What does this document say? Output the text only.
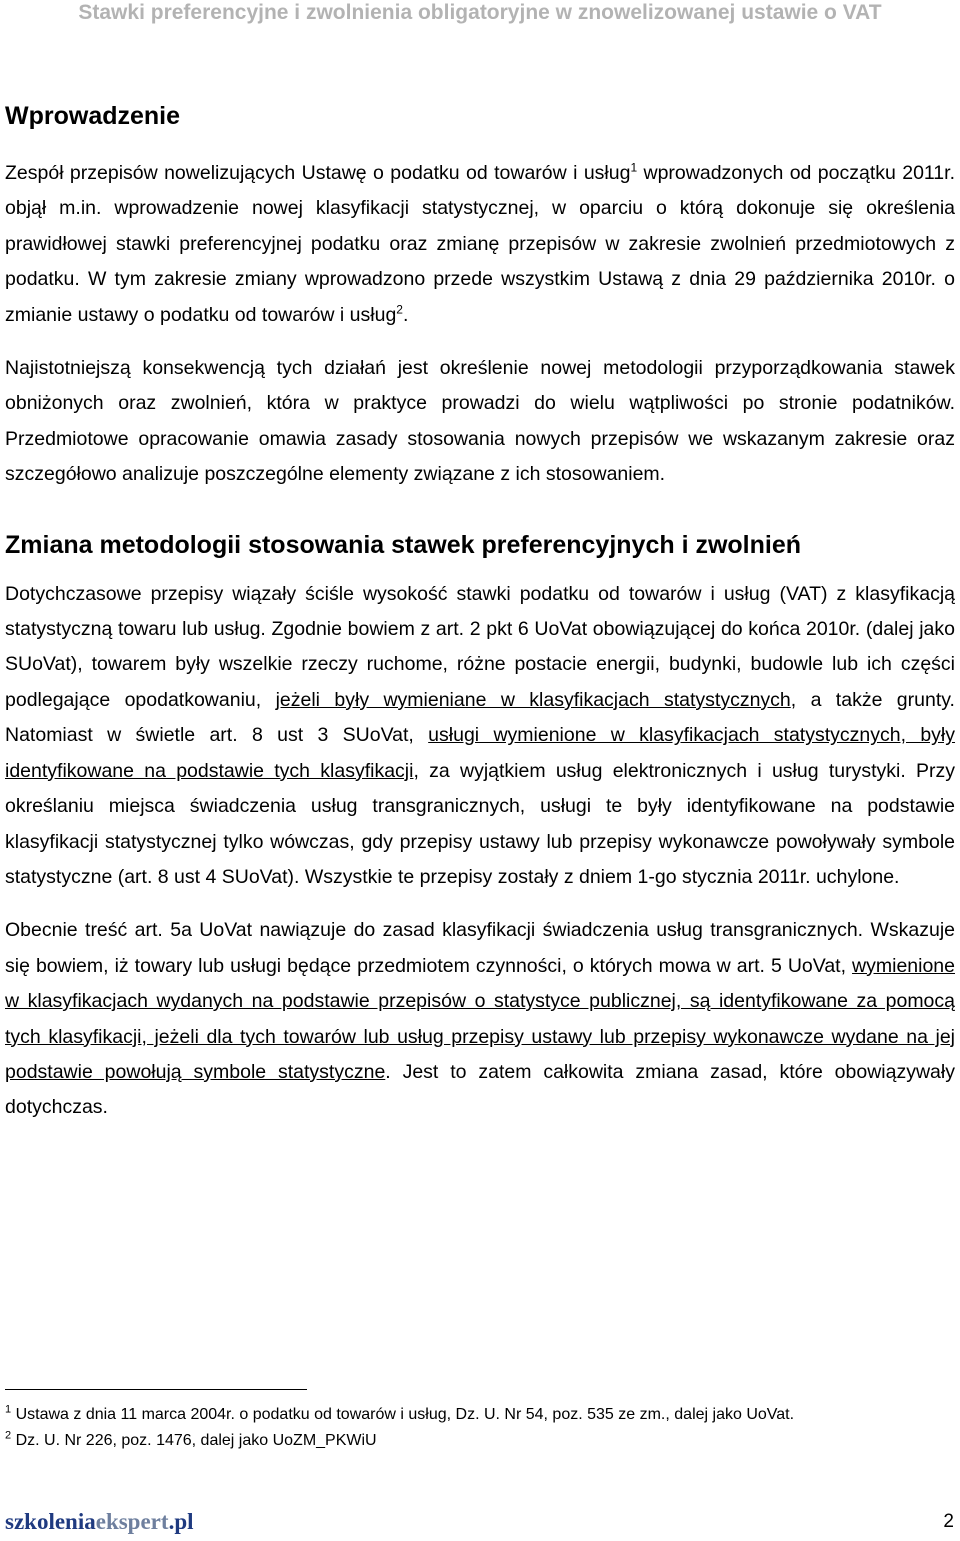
Stawki preferencyjne i zwolnienia obligatoryjne w znowelizowanej ustawie o VAT
Wprowadzenie

Zespół przepisów nowelizujących Ustawę o podatku od towarów i usług$^1$ wprowadzonych od początku 2011r. objął m.in. wprowadzenie nowej klasyfikacji statystycznej, w oparciu o którą dokonuje się określenia prawidłowej stawki preferencyjnej podatku oraz zmianę przepisów w zakresie zwolnień przedmiotowych z podatku. W tym zakresie zmiany wprowadzono przede wszystkim Ustawą z dnia 29 października 2010r. o zmianie ustawy o podatku od towarów i usług$^2$.

Najistotniejszą konsekwencją tych działań jest określenie nowej metodologii przyporządkowania stawek obniżonych oraz zwolnień, która w praktyce prowadzi do wielu wątpliwości po stronie podatników. Przedmiotowe opracowanie omawia zasady stosowania nowych przepisów we wskazanym zakresie oraz szczegółowo analizuje poszczególne elementy związane z ich stosowaniem.

Zmiana metodologii stosowania stawek preferencyjnych i zwolnień

Dotychczasowe przepisy wiązały ściśle wysokość stawki podatku od towarów i usług (VAT) z klasyfikacją statystyczną towaru lub usług. Zgodnie bowiem z art. 2 pkt 6 UoVat obowiązującej do końca 2010r. (dalej jako SUoVat), towarem były wszelkie rzeczy ruchome, różne postacie energii, budynki, budowle lub ich części podlegające opodatkowaniu, jeżeli były wymieniane w klasyfikacjach statystycznych, a także grunty. Natomiast w świetle art. 8 ust 3 SUoVat, usługi wymienione w klasyfikacjach statystycznych, były identyfikowane na podstawie tych klasyfikacji, za wyjątkiem usług elektronicznych i usług turystyki. Przy określaniu miejsca świadczenia usług transgranicznych, usługi te były identyfikowane na podstawie klasyfikacji statystycznej tylko wówczas, gdy przepisy ustawy lub przepisy wykonawcze powoływały symbole statystyczne (art. 8 ust 4 SUoVat). Wszystkie te przepisy zostały z dniem 1-go stycznia 2011r. uchylone.

Obecnie treść art. 5a UoVat nawiązuje do zasad klasyfikacji świadczenia usług transgranicznych. Wskazuje się bowiem, iż towary lub usługi będące przedmiotem czynności, o których mowa w art. 5 UoVat, wymienione w klasyfikacjach wydanych na podstawie przepisów o statystyce publicznej, są identyfikowane za pomocą tych klasyfikacji, jeżeli dla tych towarów lub usług przepisy ustawy lub przepisy wykonawcze wydane na jej podstawie powołują symbole statystyczne. Jest to zatem całkowita zmiana zasad, które obowiązywały dotychczas.

$^1$ Ustawa z dnia 11 marca 2004r. o podatku od towarów i usług, Dz. U. Nr 54, poz. 535 ze zm., dalej jako UoVat.
$^2$ Dz. U. Nr 226, poz. 1476, dalej jako UoZM_PKWiU
szkoleniaekspert.pl	2
